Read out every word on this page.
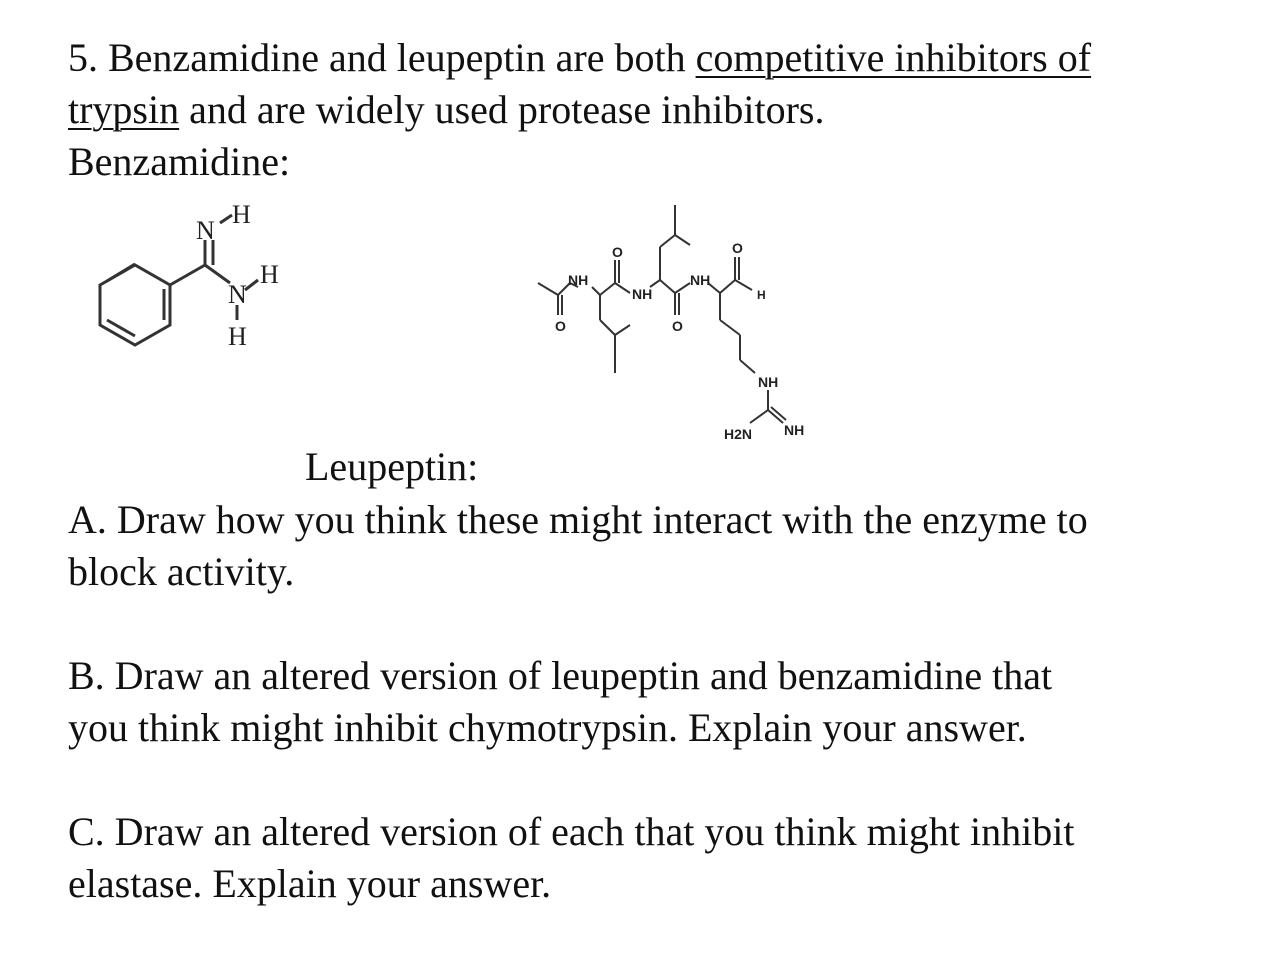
5. Benzamidine and leupeptin are both competitive inhibitors of
trypsin and are widely used protease inhibitors.
Benzamidine:
N
H
N
H
H
NH
NH
NH
O
O	O
O
H
NH
H2N NH
Leupeptin:
A. Draw how you think these might interact with the enzyme to
block activity.
B. Draw an altered version of leupeptin and benzamidine that
you think might inhibit chymotrypsin. Explain your answer.
C. Draw an altered version of each that you think might inhibit
elastase. Explain your answer.
